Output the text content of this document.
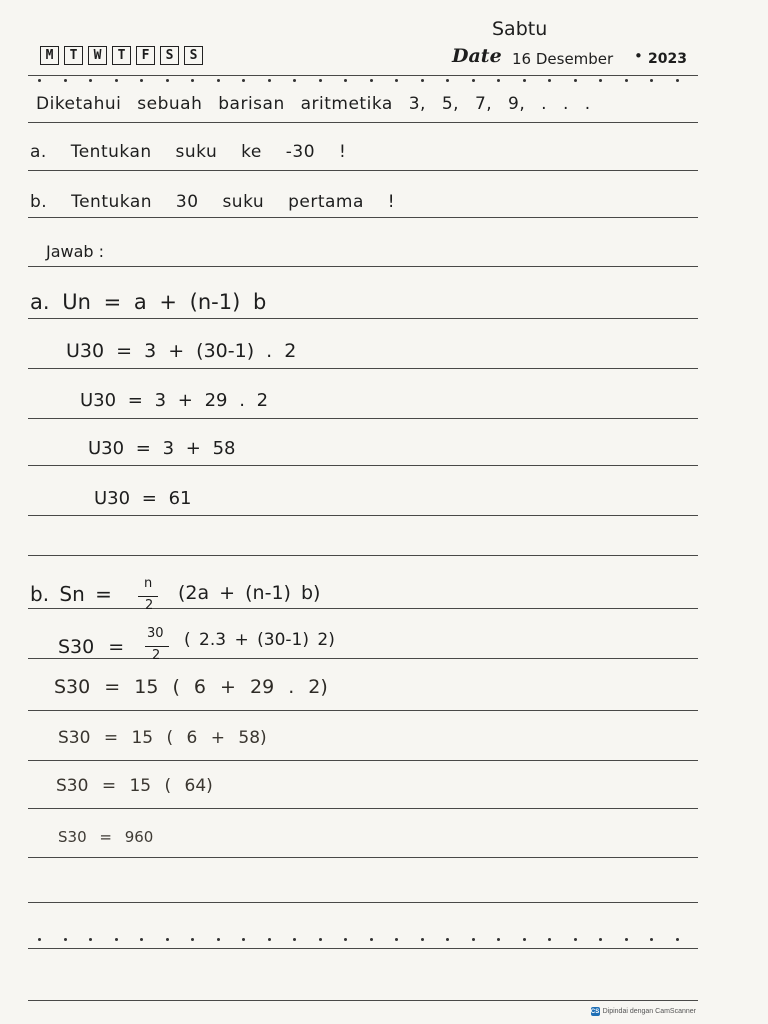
M	T	W	T	F	S	S
Sabtu
Date 16 Desember • 2023
Diketahui sebuah barisan aritmetika 3, 5, 7, 9, . . .
a. Tentukan suku ke -30 !
b. Tentukan 30 suku pertama !
Jawab :
a. Un = a + (n-1) b
U30 = 3 + (30-1) . 2
U30 = 3 + 29 . 2
U30 = 3 + 58
U30 = 61
b. Sn = n
2
(2a + (n-1) b)
S30 =
30
2
( 2.3 + (30-1) 2)
S30 = 15 ( 6 + 29 . 2)
S30 = 15 ( 6 + 58)
S30 = 15 ( 64)
S30 = 960
CS Dipindai dengan CamScanner
